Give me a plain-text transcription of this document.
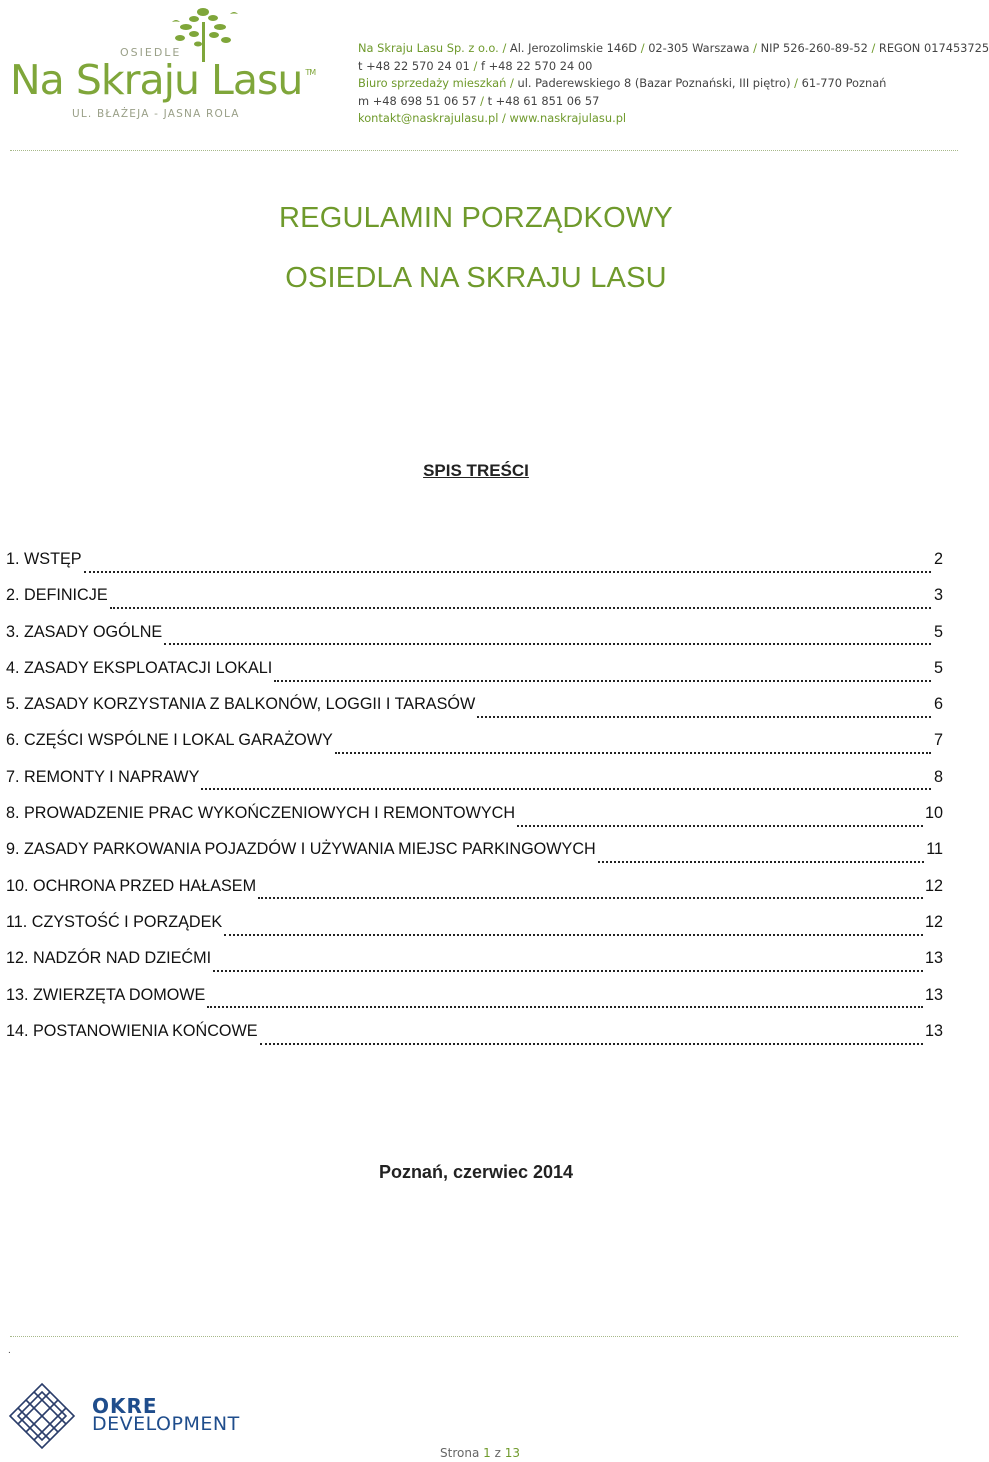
OSIEDLE
Na Skraju Lasu ™
UL. BŁAŻEJA - JASNA ROLA
Na Skraju Lasu Sp. z o.o. / Al. Jerozolimskie 146D / 02-305 Warszawa / NIP 526-260-89-52 / REGON 017453725
t +48 22 570 24 01 / f +48 22 570 24 00
Biuro sprzedaży mieszkań / ul. Paderewskiego 8 (Bazar Poznański, III piętro) / 61-770 Poznań
m +48 698 51 06 57 / t +48 61 851 06 57
kontakt@naskrajulasu.pl / www.naskrajulasu.pl
REGULAMIN PORZĄDKOWY
OSIEDLA NA SKRAJU LASU
SPIS TREŚCI
1. WSTĘP	2
2. DEFINICJE	3
3. ZASADY OGÓLNE	5
4. ZASADY EKSPLOATACJI LOKALI	5
5. ZASADY KORZYSTANIA Z BALKONÓW, LOGGII I TARASÓW	6
6. CZĘŚCI WSPÓLNE I LOKAL GARAŻOWY	7
7. REMONTY I NAPRAWY	8
8. PROWADZENIE PRAC WYKOŃCZENIOWYCH I REMONTOWYCH	10
9. ZASADY PARKOWANIA POJAZDÓW I UŻYWANIA MIEJSC PARKINGOWYCH	11
10. OCHRONA PRZED HAŁASEM	12
11. CZYSTOŚĆ I PORZĄDEK	12
12. NADZÓR NAD DZIEĆMI	13
13. ZWIERZĘTA DOMOWE	13
14. POSTANOWIENIA KOŃCOWE	13
Poznań, czerwiec 2014
.
OKRE
DEVELOPMENT
Strona 1 z 13
